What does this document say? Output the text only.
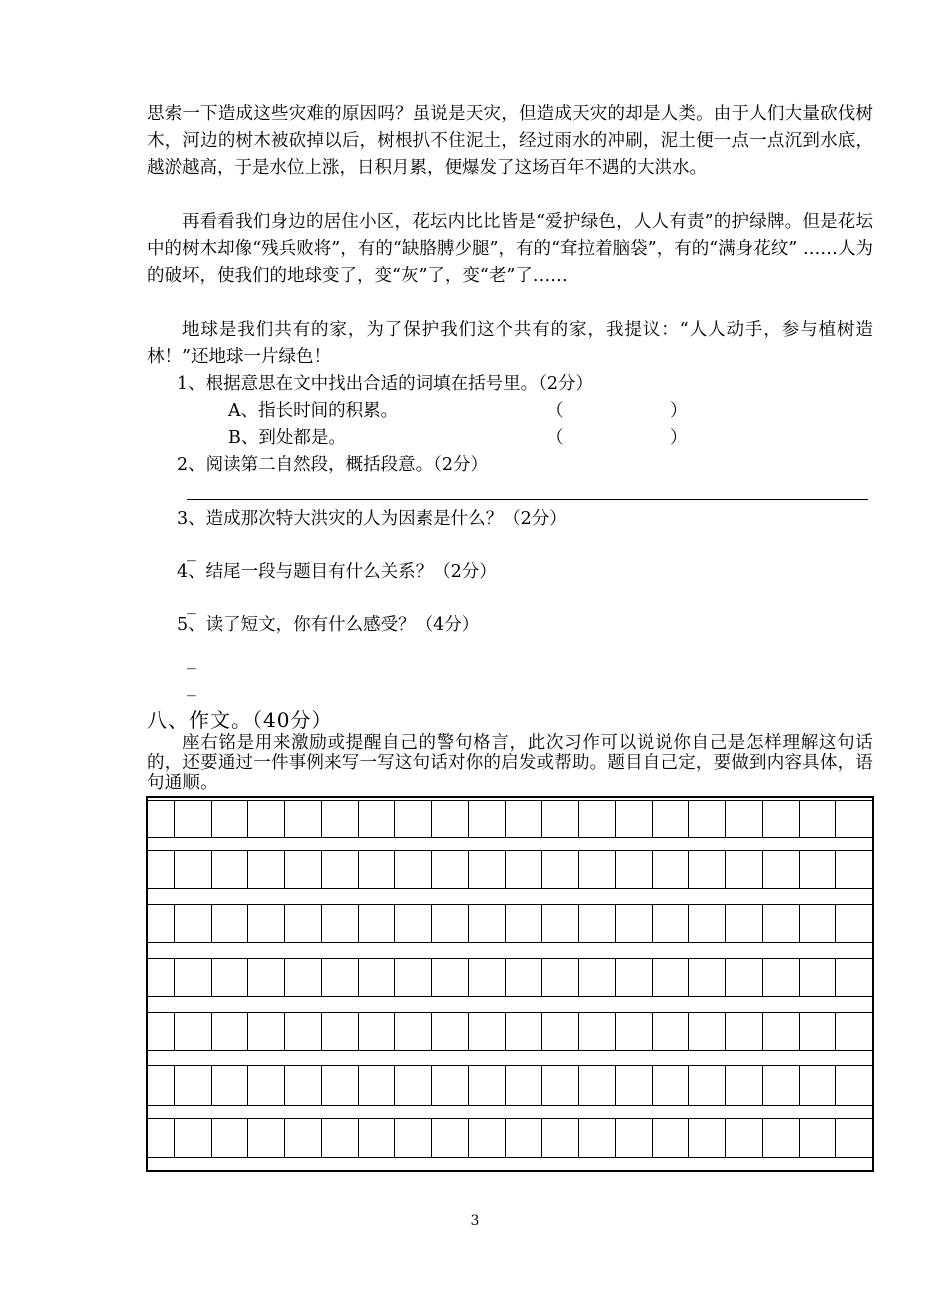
思索一下造成这些灾难的原因吗？虽说是天灾，但造成天灾的却是人类。由于人们大量砍伐树木，河边的树木被砍掉以后，树根扒不住泥土，经过雨水的冲刷，泥土便一点一点沉到水底，越淤越高，于是水位上涨，日积月累，便爆发了这场百年不遇的大洪水。
再看看我们身边的居住小区，花坛内比比皆是“爱护绿色，人人有责”的护绿牌。但是花坛中的树木却像“残兵败将”，有的“缺胳膊少腿”，有的“耷拉着脑袋”，有的“满身花纹” ……人为的破坏，使我们的地球变了，变“灰”了，变“老”了……
地球是我们共有的家，为了保护我们这个共有的家，我提议：“人人动手，参与植树造林！”还地球一片绿色！
1、根据意思在文中找出合适的词填在括号里。（2分）
A、指长时间的积累。	（	）
B、到处都是。	（	）
2、阅读第二自然段，概括段意。（2分）
3、造成那次特大洪灾的人为因素是什么？（2分）
_
4、结尾一段与题目有什么关系？（2分）
_
5、读了短文，你有什么感受？（4分）
_
_
八、作文。（40分）
座右铭是用来激励或提醒自己的警句格言，此次习作可以说说你自己是怎样理解这句话的，还要通过一件事例来写一写这句话对你的启发或帮助。题目自己定，要做到内容具体，语句通顺。
3
